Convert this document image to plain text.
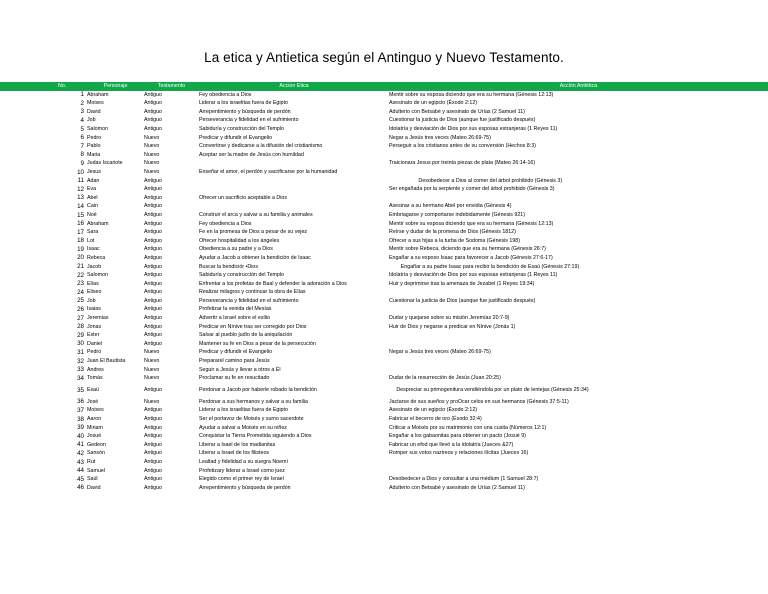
La etica y Antietica según el Antinguo y Nuevo Testamento.
No.	Personaje	Testamento	Accion Etica	Acción Antiética
1	Abraham	Antiguo	Fey obediencia a Dios	Mentir sobre su esposa diciendo que era su hermana (Génesis 12:13)
2	Moises	Antiguo	Liderar a los israelitas fuera de Egipto	Asesinato de un egipcio (Éxodo 2:12)
3	David	Antiguo	Arrepentimiento y búsqueda de perdón	Adulterio con Betsabé y asesinato de Urías (2 Samuel 11)
4	Job	Antiguo	Perseverancia y fidelidad en el sufrimiento	Cuestionar la justicia de Dios (aunque fue justificado después)
5	Salomon	Antiguo	Sabiduría y construcción del Templo	Idolatría y desviación de Dios por sus esposas extranjeras (1 Reyes 11)
6	Pedro	Nuevo	Predicar y difundir el Evangelio	Negar a Jesús tres veces (Mateo 26:69-75)
7	Pablo	Nuevo	Convertirse y dedicarse a la difusión del cristianismo	Perseguir a los cristianos antes de su conversión (Hechos 8:3)
8	Maria	Nuevo	Aceptar ser la madre de Jesús con humildad	
9	Judas Iscariote	Nuevo		Traicionara Jesus por treinta piezas de plata (Mateo 26:14-16)
10	Jesus	Nuevo	Enseñar el amor, el perdón y sacrificarse por la humanidad	
11	Adan	Antiguo		Desobedecer a Dios al comer del árbol prohibido (Génesis 3)
12	Eva	Antiguo		Ser engañada por la serpiente y comer del árbol prohibido (Génesis 3)
13	Abel	Antiguo	Ofrecer un sacrificio aceptable a Dios	
14	Cain	Antiguo		Asesinar a su hermano Abel por envidia (Génesis 4)
15	Noé	Antiguo	Construir el arca y salvar a su familia y animales	Embriagarse y comportarse indebidamente (Génesis 921)
16	Abraham	Antiguo	Fey obediencia a Dios	Mentir sobre su esposa diciendo que era su hermana (Génesis 12:13)
17	Sara	Antiguo	Fe en la promesa de Dios a pesar de su vejez	Reírse y dudar de la promesa de Dios (Génesis 1812)
18	Lot	Antiguo	Ofrecer hospitalidad a los ángeles	Ofrecer a sus hijas a la turba de Sodoma (Génesis 198)
19	Isaac	Antiguo	Obediencia a su padre y a Dios	Mentir sobre Rebeca, diciendo que era su hermana (Génesis 26:7)
20	Rebeca	Antiguo	Ayudar a Jacob a obtener la bendición de Isaac	Engañar a su esposo Isaac para favorecer a Jacob (Génesis 27:6-17)
21	Jacob	Antiguo	Buscar la bendicióṛ •Dios	Engañar a su padre Isaac para recibir la bendición de Esaú (Génesis 27:19)
22	Salomon	Antiguo	Sabiduría y construcción del Templo	Idolatría y desviación de Dios por sus esposas extranjeras (1 Reyes 11)
23	Elías	Antiguo	Enfrentar a los profetas de Baal y defender la adoración a Dios	Huir y deprimirse tras la amenaza de Jezabel (1 Reyes 19:34)
24	Eliseo	Antiguo	Realizar milagros y continuar la obra de Elías	
25	Job	Antiguo	Perseverancia y fidelidad en el sufrimiento	Cuestionar la justicia de Dios (aunque fue justificado después)
26	Isaias	Antiguo	Profetizar la venida del Mesías	
27	Jeremias	Antiguo	Advertir a Israel sobre el exilio	Dudar y quejarse sobre su misión Jeremías 20:7-9)
28	Jonas	Antiguo	Predicar en Nínive tras ser corregido por Dios	Huir de Dios y negarse a predicar en Nínive (Jonás 1)
29	Ester	Antiguo	Salvar al pueblo judío de la aniquilación	
30	Daniel	Antiguo	Mantener su fe en Dios a pesar de la persecución	
31	Pedro	Nuevo	Predicar y difundir el Evangelio	Negar a Jesús tres veces (Mateo 26:69-75)
32	Juan El Bautista	Nuevo	Prepararel camino para Jesús	
33	Andres	Nuevo	Seguir a Jesús y llevar a otros a Él	
34	Tomás	Nuevo	Proclamar su fe en resucitado	Dudar de la resurrección de Jesús (Juan 20:25)
35	Esaú	Antiguo	Perdonar a Jacob por haberle robado la bendición	Despreciar su primogenitura vendiéndola por un plato de lentejas (Génesis 25:34)
36	José	Nuevo	Perdonar a sus hermanos y salvar a su familia	Jactarse de sus sueños y proOcar celos en sus hermanos (Génesis 37:5-11)
37	Moises	Antiguo	Liderar a los israelitas fuera de Egipto	Asesinato de un egipcio (Éxodo 2:12)
38	Aaron	Antiguo	Ser el portavoz de Moisés y sumo sacerdote	Fabricar el becerro de oro (Éxodo 32:4)
39	Miriam	Antiguo	Ayudar a salvar a Moisés en su niñez	Criticar a Moisés por su matrimonio con una cusita (Números 12:1)
40	Josué	Antiguo	Conquistar la Tierra Prometida siguiendo a Dios	Engañar a los gabaonitas para obtener un pacto (Josué 9)
41	Gedeon	Antiguo	Liberar a Isael de los madianitas	Fabricar un efod que llevó a la idolatría (Jueces &27)
42	Sansón	Antiguo	Liberar a Israel de los filisteos	Romper sus votos nazireos y relaciones ilícitas (Jueces 16)
43	Rut	Antiguo	Lealtad y fidelidad a su suegra Noemí	
44	Samuel	Antiguo	Profetizary liderar a Israel como juez	
45	Saúl	Antiguo	Elegido como el primer rey de Israel	Desobedecer a Dios y consultar a una médium (1 Samuel 28:7)
46	David	Antiguo	Arrepentimiento y búsqueda de perdón	Adulterio con Betsabé y asesinato de Urías (2 Samuel 11)
